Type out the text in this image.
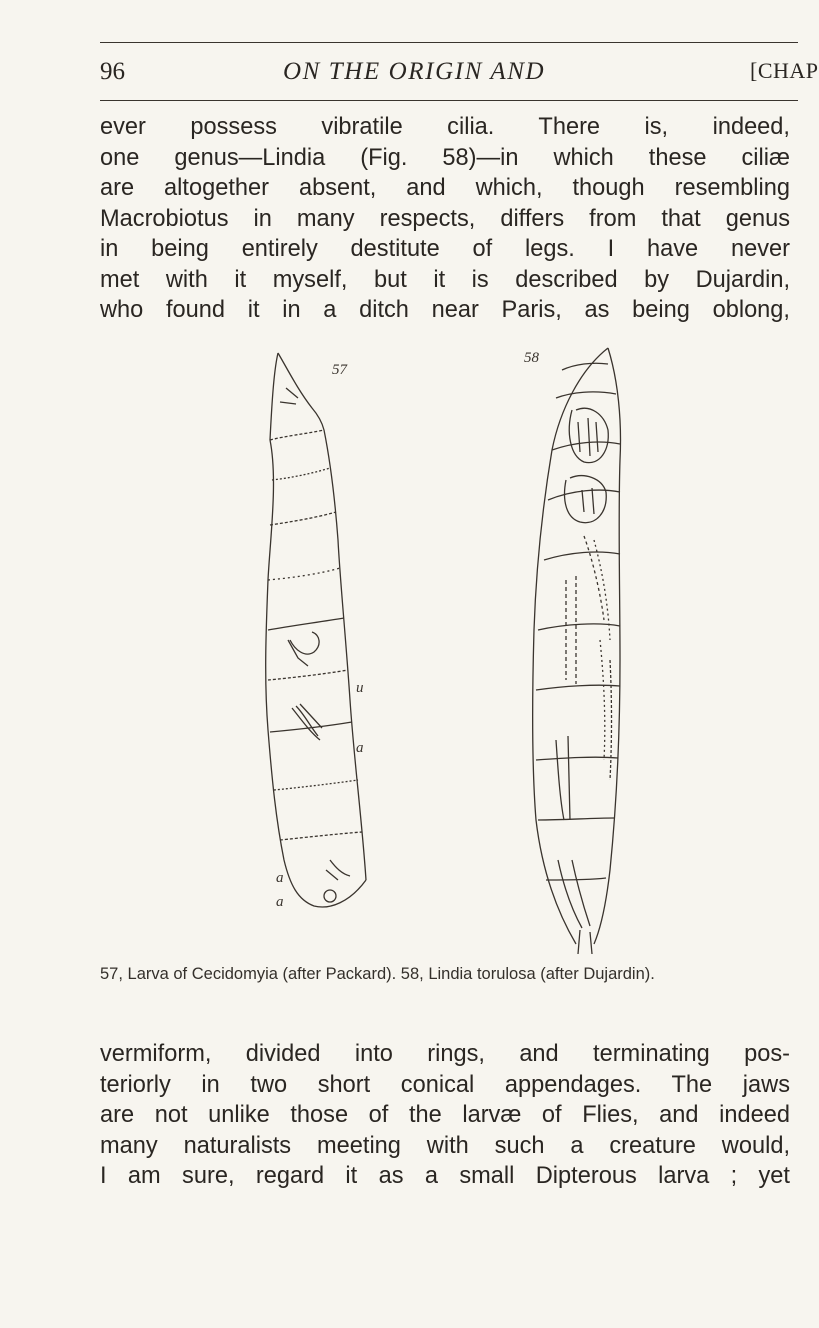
96	ON THE ORIGIN AND	[CHAP
ever possess vibratile cilia. There is, indeed,
one genus—Lindia (Fig. 58)—in which these ciliæ
are altogether absent, and which, though resembling
Macrobiotus in many respects, differs from that genus
in being entirely destitute of legs. I have never
met with it myself, but it is described by Dujardin,
who found it in a ditch near Paris, as being oblong,
57
u
a
a
a
58
57, Larva of Cecidomyia (after Packard). 58, Lindia torulosa (after Dujardin).
vermiform, divided into rings, and terminating pos-
teriorly in two short conical appendages. The jaws
are not unlike those of the larvæ of Flies, and indeed
many naturalists meeting with such a creature would,
I am sure, regard it as a small Dipterous larva ; yet
